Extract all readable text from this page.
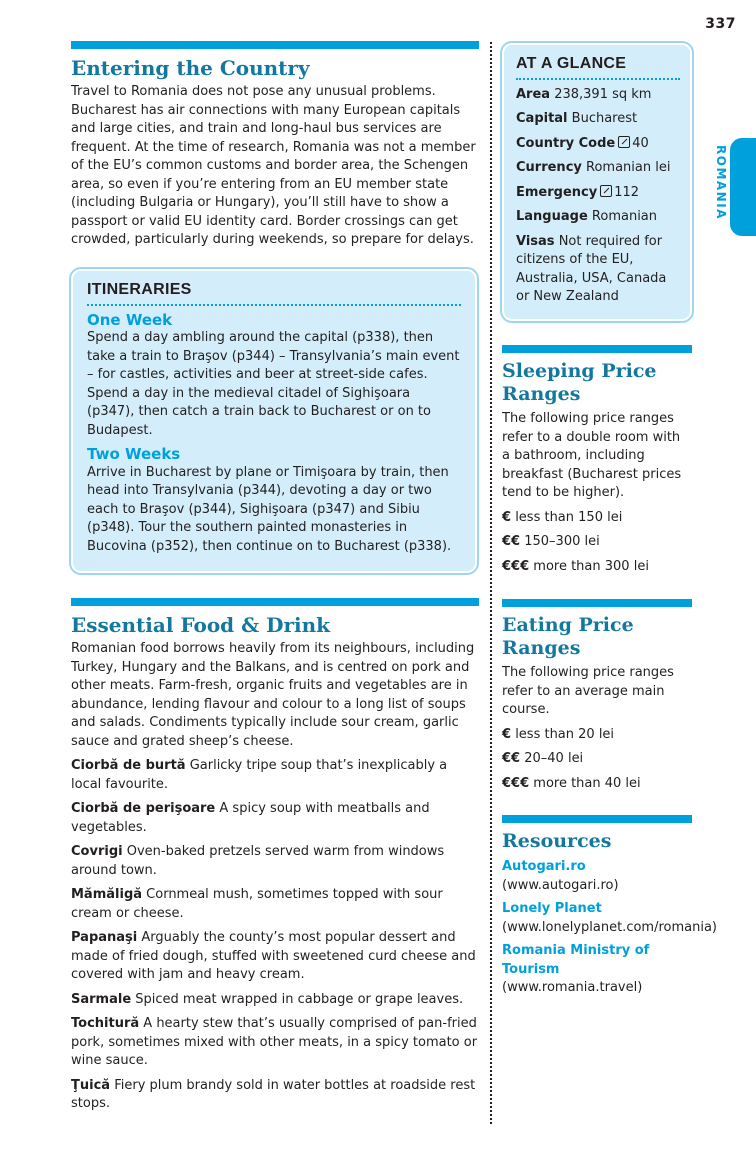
337
ROMANIA
Entering the Country

Travel to Romania does not pose any unusual problems. Bucharest has air connections with many European capitals and large cities, and train and long-haul bus services are frequent. At the time of research, Romania was not a member of the EU’s common customs and border area, the Schengen area, so even if you’re entering from an EU member state (including Bulgaria or Hungary), you’ll still have to show a passport or valid EU identity card. Border crossings can get crowded, particularly during weekends, so prepare for delays.

ITINERARIES
One Week

Spend a day ambling around the capital (p338), then take a train to Braşov (p344) – Transylvania’s main event – for castles, activities and beer at street-side cafes. Spend a day in the medieval citadel of Sighişoara (p347), then catch a train back to Bucharest or on to Budapest.

Two Weeks

Arrive in Bucharest by plane or Timişoara by train, then head into Transylvania (p344), devoting a day or two each to Braşov (p344), Sighişoara (p347) and Sibiu (p348). Tour the southern painted monasteries in Bucovina (p352), then continue on to Bucharest (p338).

Essential Food & Drink

Romanian food borrows heavily from its neighbours, including Turkey, Hungary and the Balkans, and is centred on pork and other meats. Farm-fresh, organic fruits and vegetables are in abundance, lending flavour and colour to a long list of soups and salads. Condiments typically include sour cream, garlic sauce and grated sheep’s cheese.

Ciorbă de burtă Garlicky tripe soup that’s inexplicably a local favourite.

Ciorbă de perişoare A spicy soup with meatballs and vegetables.

Covrigi Oven-baked pretzels served warm from windows around town.

Mămăligă Cornmeal mush, sometimes topped with sour cream or cheese.

Papanaşi Arguably the county’s most popular dessert and made of fried dough, stuffed with sweetened curd cheese and covered with jam and heavy cream.

Sarmale Spiced meat wrapped in cabbage or grape leaves.

Tochitură A hearty stew that’s usually comprised of pan-fried pork, sometimes mixed with other meats, in a spicy tomato or wine sauce.

Ţuică Fiery plum brandy sold in water bottles at roadside rest stops.

AT A GLANCE
Area 238,391 sq km
Capital Bucharest
Country Code 40
Currency Romanian lei
Emergency 112
Language Romanian
Visas Not required for citizens of the EU, Australia, USA, Canada or New Zealand
Sleeping Price Ranges

The following price ranges refer to a double room with a bathroom, including breakfast (Bucharest prices tend to be higher).

€ less than 150 lei
€€ 150–300 lei
€€€ more than 300 lei
Eating Price Ranges

The following price ranges refer to an average main course.

€ less than 20 lei
€€ 20–40 lei
€€€ more than 40 lei
Resources

Autogari.ro (www.autogari.ro)

Lonely Planet (www.lonelyplanet.com/romania)

Romania Ministry of Tourism (www.romania.travel)
